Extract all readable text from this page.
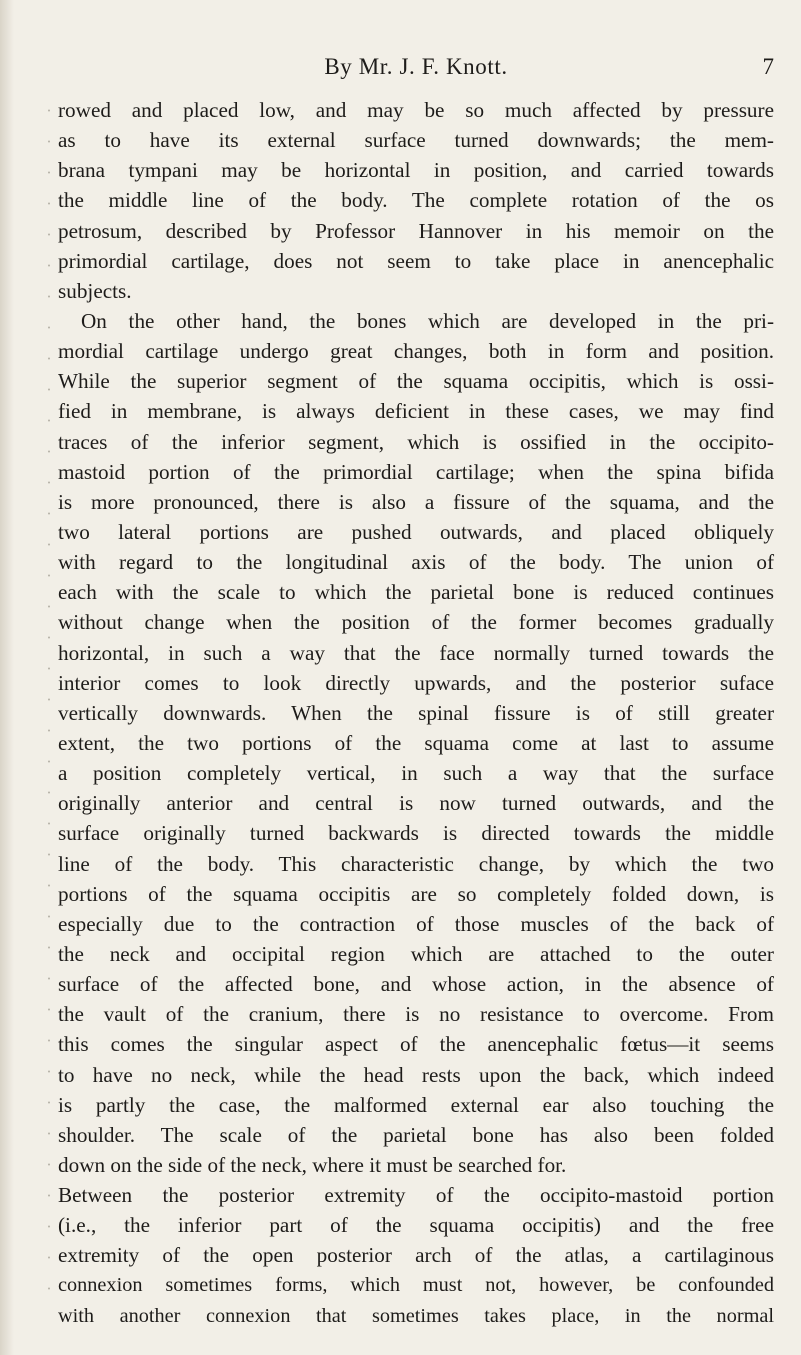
By Mr. J. F. Knott.	7

rowed and placed low, and may be so much affected by pressure
as to have its external surface turned downwards; the mem-
brana tympani may be horizontal in position, and carried towards
the middle line of the body. The complete rotation of the os
petrosum, described by Professor Hannover in his memoir on the
primordial cartilage, does not seem to take place in anencephalic
subjects.
On the other hand, the bones which are developed in the pri-
mordial cartilage undergo great changes, both in form and position.
While the superior segment of the squama occipitis, which is ossi-
fied in membrane, is always deficient in these cases, we may find
traces of the inferior segment, which is ossified in the occipito-
mastoid portion of the primordial cartilage; when the spina bifida
is more pronounced, there is also a fissure of the squama, and the
two lateral portions are pushed outwards, and placed obliquely
with regard to the longitudinal axis of the body. The union of
each with the scale to which the parietal bone is reduced continues
without change when the position of the former becomes gradually
horizontal, in such a way that the face normally turned towards the
interior comes to look directly upwards, and the posterior suface
vertically downwards. When the spinal fissure is of still greater
extent, the two portions of the squama come at last to assume
a position completely vertical, in such a way that the surface
originally anterior and central is now turned outwards, and the
surface originally turned backwards is directed towards the middle
line of the body. This characteristic change, by which the two
portions of the squama occipitis are so completely folded down, is
especially due to the contraction of those muscles of the back of
the neck and occipital region which are attached to the outer
surface of the affected bone, and whose action, in the absence of
the vault of the cranium, there is no resistance to overcome. From
this comes the singular aspect of the anencephalic fœtus—it seems
to have no neck, while the head rests upon the back, which indeed
is partly the case, the malformed external ear also touching the
shoulder. The scale of the parietal bone has also been folded
down on the side of the neck, where it must be searched for.
Between the posterior extremity of the occipito-mastoid portion
(i.e., the inferior part of the squama occipitis) and the free
extremity of the open posterior arch of the atlas, a cartilaginous
connexion sometimes forms, which must not, however, be confounded
with another connexion that sometimes takes place, in the normal
